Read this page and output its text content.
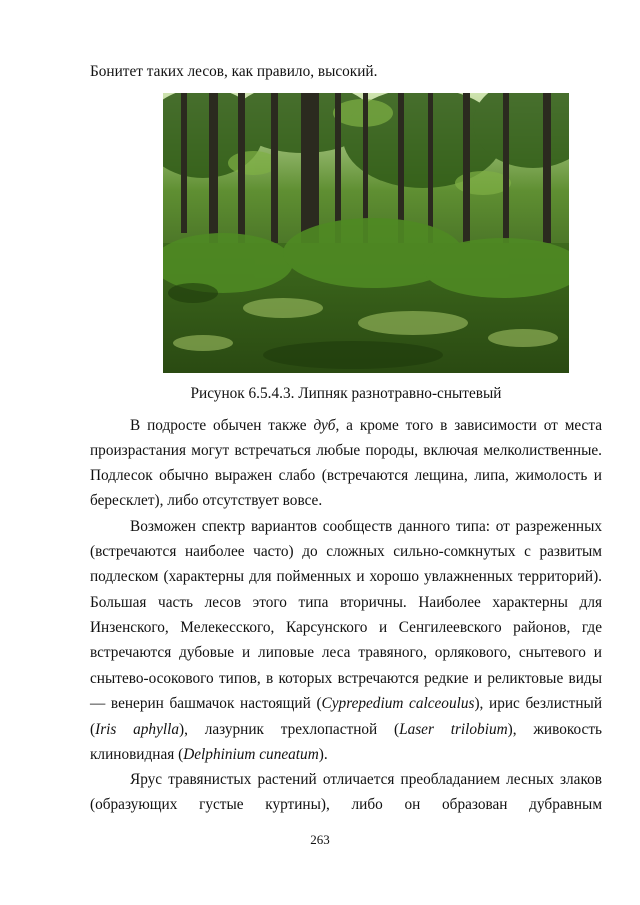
Бонитет таких лесов, как правило, высокий.
Рисунок 6.5.4.3. Липняк разнотравно-снытевый
В подросте обычен также дуб, а кроме того в зависимости от места
произрастания могут встречаться любые породы, включая мелколиственные.
Подлесок обычно выражен слабо (встречаются лещина, липа, жимолость и
бересклет), либо отсутствует вовсе.
Возможен спектр вариантов сообществ данного типа: от разреженных
(встречаются наиболее часто) до сложных сильно-сомкнутых с развитым
подлеском (характерны для пойменных и хорошо увлажненных территорий).
Большая часть лесов этого типа вторичны. Наиболее характерны для
Инзенского, Мелекесского, Карсунского и Сенгилеевского районов, где
встречаются дубовые и липовые леса травяного, орлякового, снытевого и
снытево-осокового типов, в которых встречаются редкие и реликтовые виды
— венерин башмачок настоящий (Cyprepedium calceoulus), ирис безлистный
(Iris aphylla), лазурник трехлопастной (Laser trilobium), живокость
клиновидная (Delphinium cuneatum).
Ярус травянистых растений отличается преобладанием лесных злаков
(образующих густые куртины), либо он образован дубравным
263
